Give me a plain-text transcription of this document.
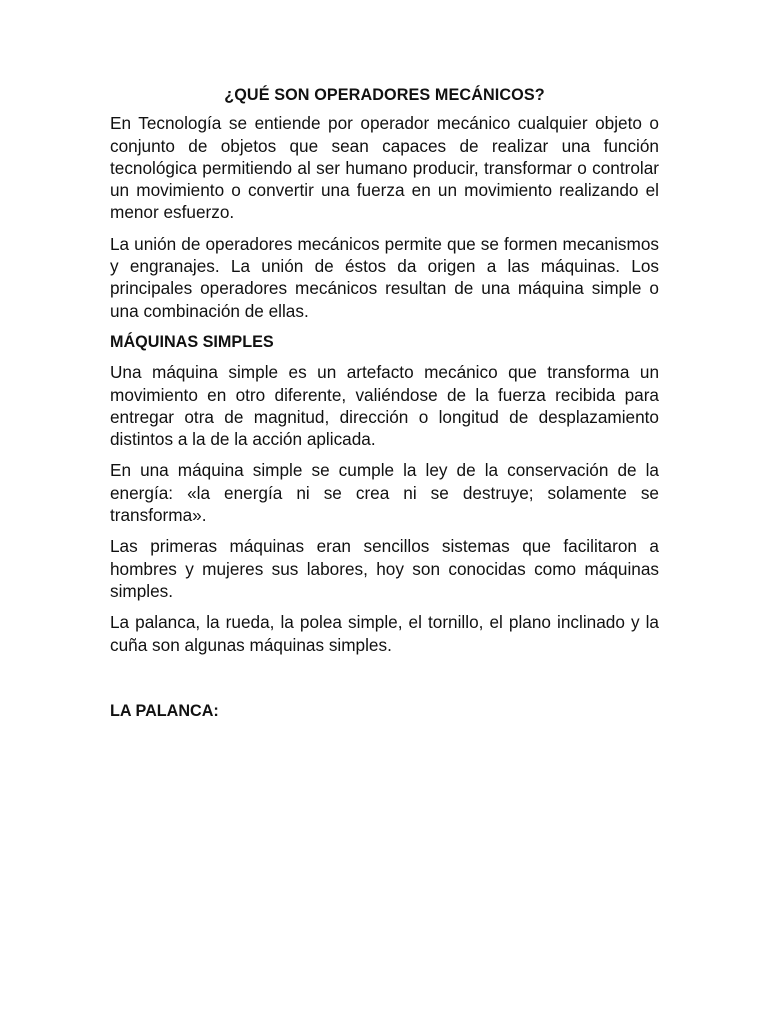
¿QUÉ SON OPERADORES MECÁNICOS?

En Tecnología se entiende por operador mecánico cualquier objeto o conjunto de objetos que sean capaces de realizar una función tecnológica permitiendo al ser humano producir, transformar o controlar un movimiento o convertir una fuerza en un movimiento realizando el menor esfuerzo.

La unión de operadores mecánicos permite que se formen mecanismos y engranajes. La unión de éstos da origen a las máquinas. Los principales operadores mecánicos resultan de una máquina simple o una combinación de ellas.

MÁQUINAS SIMPLES

Una máquina simple es un artefacto mecánico que transforma un movimiento en otro diferente, valiéndose de la fuerza recibida para entregar otra de magnitud, dirección o longitud de desplazamiento distintos a la de la acción aplicada.

En una máquina simple se cumple la ley de la conservación de la energía: «la energía ni se crea ni se destruye; solamente se transforma».

Las primeras máquinas eran sencillos sistemas que facilitaron a hombres y mujeres sus labores, hoy son conocidas como máquinas simples.

La palanca, la rueda, la polea simple, el tornillo, el plano inclinado y la cuña son algunas máquinas simples.

LA PALANCA:
